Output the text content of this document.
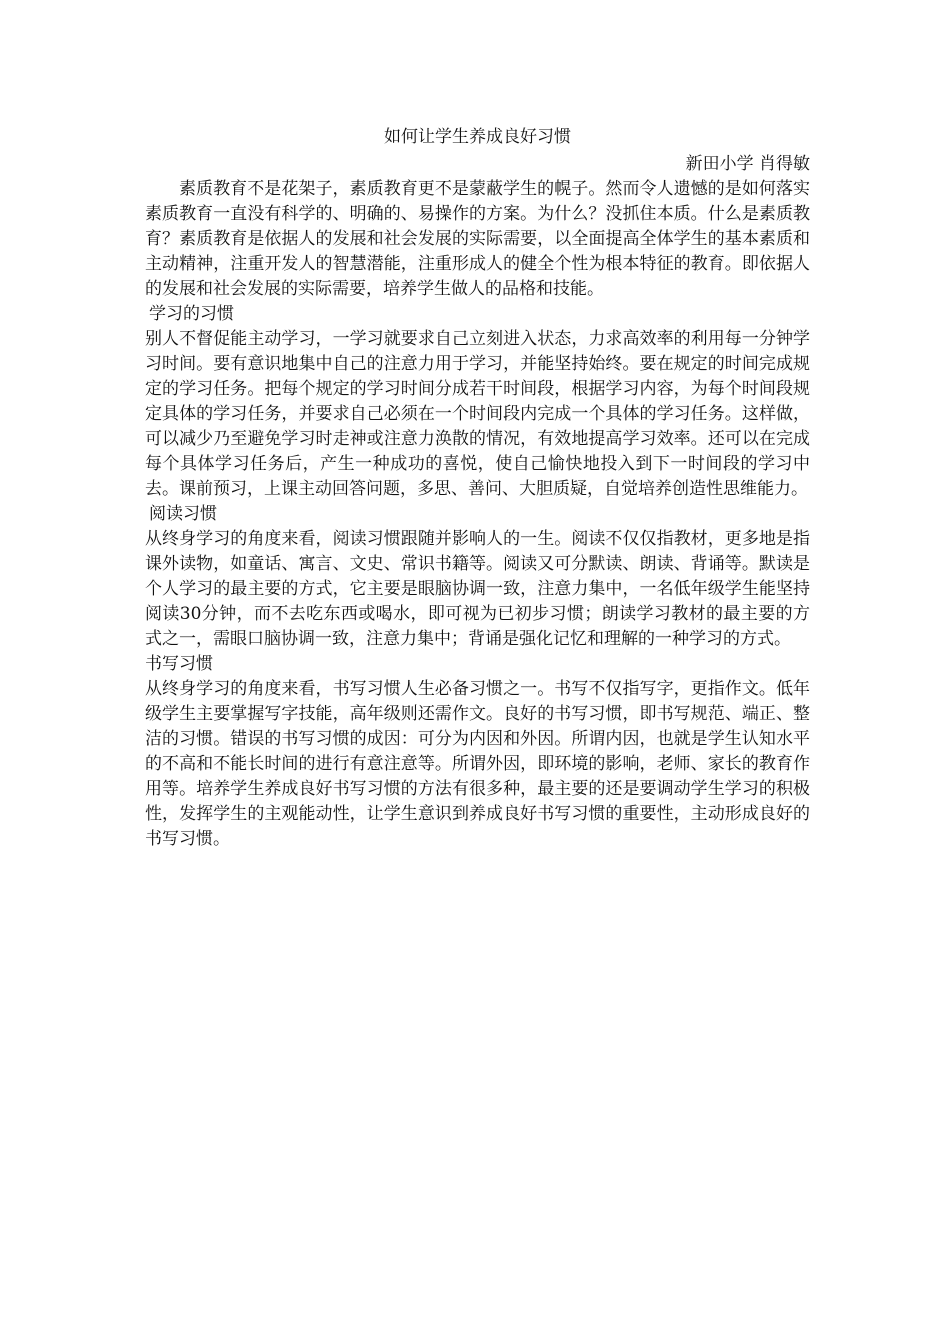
如何让学生养成良好习惯

新田小学 肖得敏

素质教育不是花架子，素质教育更不是蒙蔽学生的幌子。然而令人遗憾的是如何落实素质教育一直没有科学的、明确的、易操作的方案。为什么？没抓住本质。什么是素质教育？素质教育是依据人的发展和社会发展的实际需要，以全面提高全体学生的基本素质和主动精神，注重开发人的智慧潜能，注重形成人的健全个性为根本特征的教育。即依据人的发展和社会发展的实际需要，培养学生做人的品格和技能。

学习的习惯

别人不督促能主动学习，一学习就要求自己立刻进入状态，力求高效率的利用每一分钟学习时间。要有意识地集中自己的注意力用于学习，并能坚持始终。要在规定的时间完成规定的学习任务。把每个规定的学习时间分成若干时间段，根据学习内容，为每个时间段规定具体的学习任务，并要求自己必须在一个时间段内完成一个具体的学习任务。这样做，可以减少乃至避免学习时走神或注意力涣散的情况，有效地提高学习效率。还可以在完成每个具体学习任务后，产生一种成功的喜悦，使自己愉快地投入到下一时间段的学习中去。课前预习，上课主动回答问题，多思、善问、大胆质疑，自觉培养创造性思维能力。

阅读习惯

从终身学习的角度来看，阅读习惯跟随并影响人的一生。阅读不仅仅指教材，更多地是指课外读物，如童话、寓言、文史、常识书籍等。阅读又可分默读、朗读、背诵等。默读是个人学习的最主要的方式，它主要是眼脑协调一致，注意力集中，一名低年级学生能坚持阅读30分钟，而不去吃东西或喝水，即可视为已初步习惯；朗读学习教材的最主要的方式之一，需眼口脑协调一致，注意力集中；背诵是强化记忆和理解的一种学习的方式。

书写习惯

从终身学习的角度来看，书写习惯人生必备习惯之一。书写不仅指写字，更指作文。低年级学生主要掌握写字技能，高年级则还需作文。良好的书写习惯，即书写规范、端正、整洁的习惯。错误的书写习惯的成因：可分为内因和外因。所谓内因，也就是学生认知水平的不高和不能长时间的进行有意注意等。所谓外因，即环境的影响，老师、家长的教育作用等。培养学生养成良好书写习惯的方法有很多种，最主要的还是要调动学生学习的积极性，发挥学生的主观能动性，让学生意识到养成良好书写习惯的重要性，主动形成良好的书写习惯。
